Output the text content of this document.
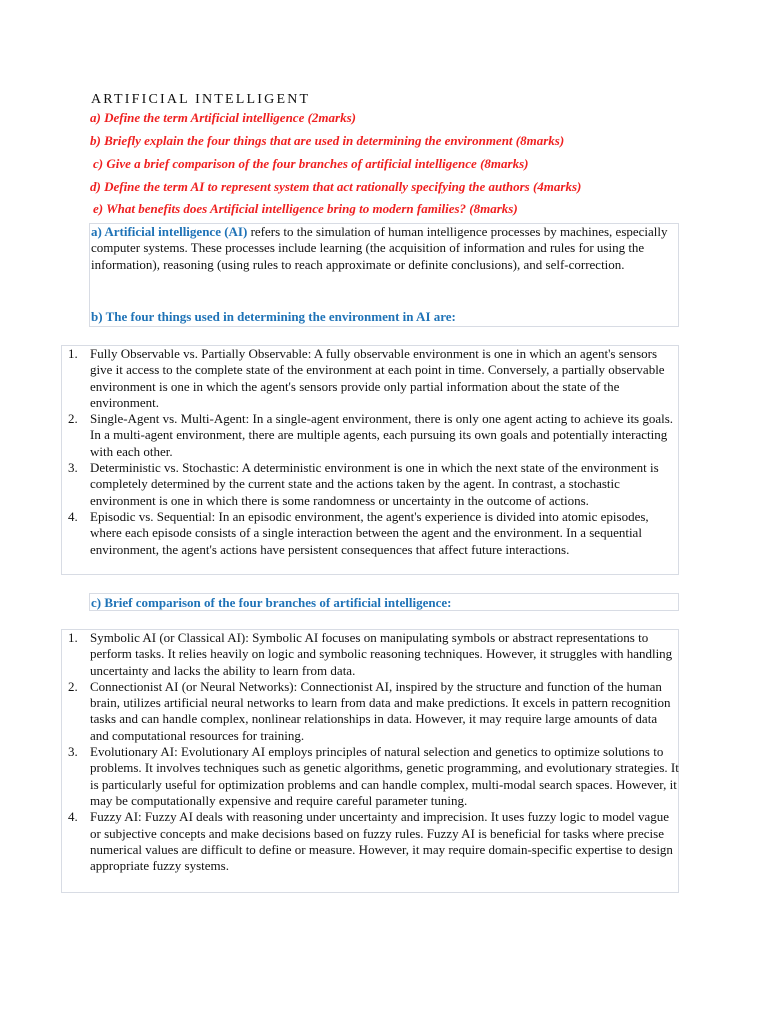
ARTIFICIAL INTELLIGENT
a) Define the term Artificial intelligence (2marks)
b) Briefly explain the four things that are used in determining the environment (8marks)
c) Give a brief comparison of the four branches of artificial intelligence (8marks)
d) Define the term AI to represent system that act rationally specifying the authors (4marks)
e) What benefits does Artificial intelligence bring to modern families? (8marks)
a) Artificial intelligence (AI) refers to the simulation of human intelligence processes by machines, especially computer systems. These processes include learning (the acquisition of information and rules for using the information), reasoning (using rules to reach approximate or definite conclusions), and self-correction.
b) The four things used in determining the environment in AI are:
1. Fully Observable vs. Partially Observable: A fully observable environment is one in which an agent's sensors give it access to the complete state of the environment at each point in time. Conversely, a partially observable environment is one in which the agent's sensors provide only partial information about the state of the environment.
2. Single-Agent vs. Multi-Agent: In a single-agent environment, there is only one agent acting to achieve its goals. In a multi-agent environment, there are multiple agents, each pursuing its own goals and potentially interacting with each other.
3. Deterministic vs. Stochastic: A deterministic environment is one in which the next state of the environment is completely determined by the current state and the actions taken by the agent. In contrast, a stochastic environment is one in which there is some randomness or uncertainty in the outcome of actions.
4. Episodic vs. Sequential: In an episodic environment, the agent's experience is divided into atomic episodes, where each episode consists of a single interaction between the agent and the environment. In a sequential environment, the agent's actions have persistent consequences that affect future interactions.
c) Brief comparison of the four branches of artificial intelligence:
1. Symbolic AI (or Classical AI): Symbolic AI focuses on manipulating symbols or abstract representations to perform tasks. It relies heavily on logic and symbolic reasoning techniques. However, it struggles with handling uncertainty and lacks the ability to learn from data.
2. Connectionist AI (or Neural Networks): Connectionist AI, inspired by the structure and function of the human brain, utilizes artificial neural networks to learn from data and make predictions. It excels in pattern recognition tasks and can handle complex, nonlinear relationships in data. However, it may require large amounts of data and computational resources for training.
3. Evolutionary AI: Evolutionary AI employs principles of natural selection and genetics to optimize solutions to problems. It involves techniques such as genetic algorithms, genetic programming, and evolutionary strategies. It is particularly useful for optimization problems and can handle complex, multi-modal search spaces. However, it may be computationally expensive and require careful parameter tuning.
4. Fuzzy AI: Fuzzy AI deals with reasoning under uncertainty and imprecision. It uses fuzzy logic to model vague or subjective concepts and make decisions based on fuzzy rules. Fuzzy AI is beneficial for tasks where precise numerical values are difficult to define or measure. However, it may require domain-specific expertise to design appropriate fuzzy systems.
